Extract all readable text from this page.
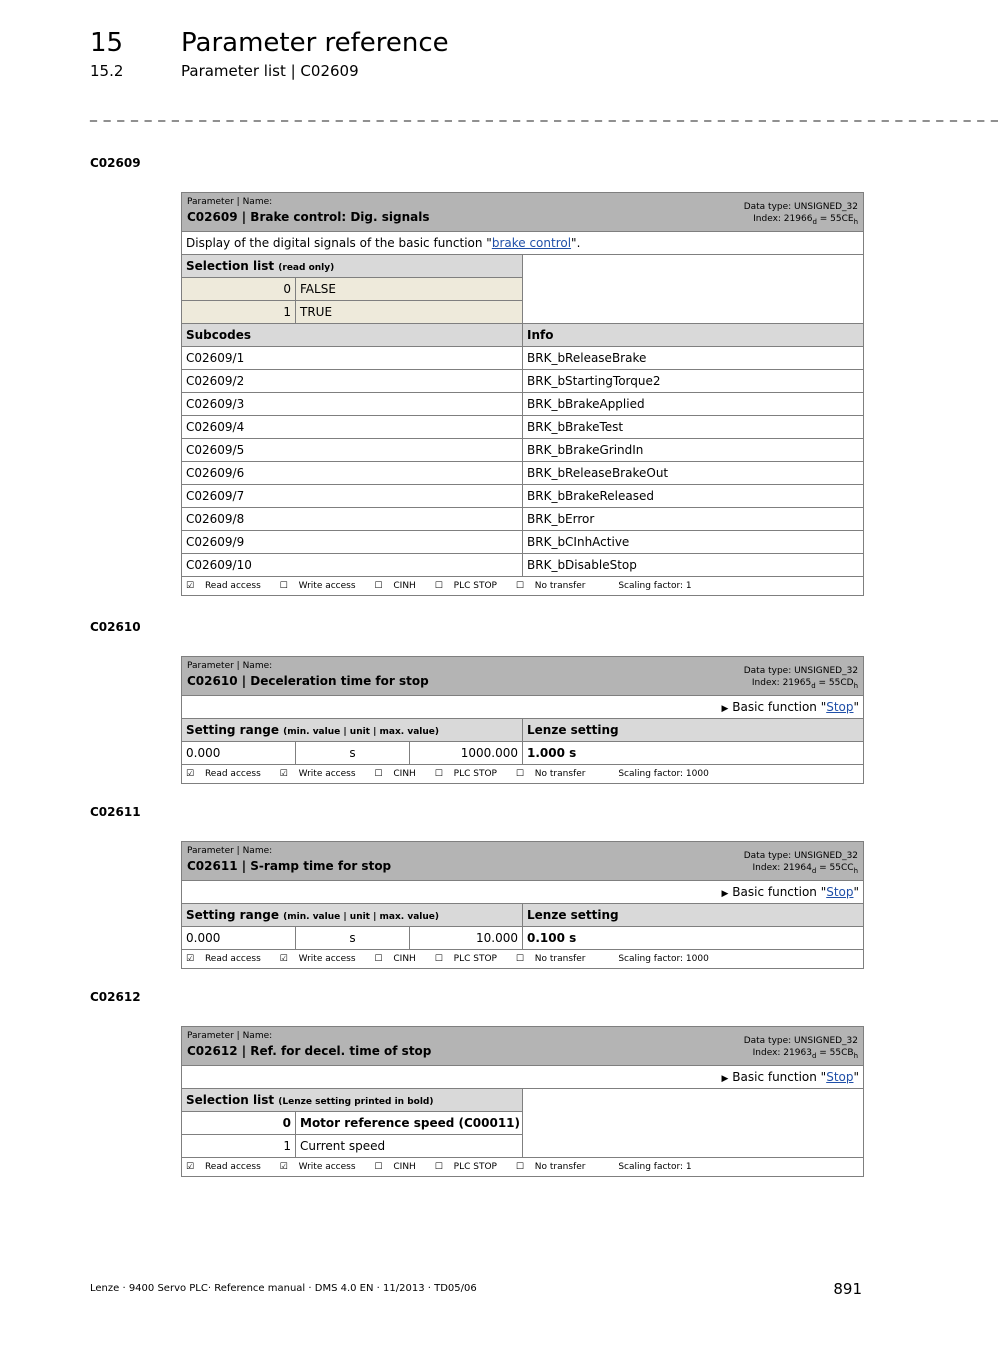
15 Parameter reference
15.2	Parameter list | C02609
_ _ _ _ _ _ _ _ _ _ _ _ _ _ _ _ _ _ _ _ _ _ _ _ _ _ _ _ _ _ _ _ _ _ _ _ _ _ _ _ _ _ _ _ _ _ _ _ _ _ _ _ _ _ _ _ _ _ _ _ _ _ _ _ _ _ _
C02609
Data type: UNSIGNED_32
Index: $21966_d = 55CE_h$
Parameter | Name:
C02609 | Brake control: Dig. signals		

Display of the digital signals of the basic function "brake control".		
Selection list (read only)		
0	FALSE	
1	TRUE	
Subcodes		Info
C02609/1		BRK_bReleaseBrake
C02609/2		BRK_bStartingTorque2
C02609/3		BRK_bBrakeApplied
C02609/4		BRK_bBrakeTest
C02609/5		BRK_bBrakeGrindIn
C02609/6		BRK_bReleaseBrakeOut
C02609/7		BRK_bBrakeReleased
C02609/8		BRK_bError
C02609/9		BRK_bCInhActive
C02609/10		BRK_bDisableStop
☑ Read access ☐ Write access ☐ CINH ☐ PLC STOP ☐ No transfer Scaling factor: 1		
C02610
Data type: UNSIGNED_32
Index: $21965_d = 55CD_h$
Parameter | Name:
C02610 | Deceleration time for stop			

▶ Basic function "Stop"			
Setting range (min. value | unit | max. value)			Lenze setting
0.000	s	1000.000	1.000 s
☑ Read access ☑ Write access ☐ CINH ☐ PLC STOP ☐ No transfer Scaling factor: 1000			
C02611
Data type: UNSIGNED_32
Index: $21964_d = 55CC_h$
Parameter | Name:
C02611 | S-ramp time for stop			

▶ Basic function "Stop"			
Setting range (min. value | unit | max. value)			Lenze setting
0.000	s	10.000	0.100 s
☑ Read access ☑ Write access ☐ CINH ☐ PLC STOP ☐ No transfer Scaling factor: 1000			
C02612
Data type: UNSIGNED_32
Index: $21963_d = 55CB_h$
Parameter | Name:
C02612 | Ref. for decel. time of stop		

▶ Basic function "Stop"		
Selection list (Lenze setting printed in bold)		
0	Motor reference speed (C00011)	
1	Current speed	
☑ Read access ☑ Write access ☐ CINH ☐ PLC STOP ☐ No transfer Scaling factor: 1		
Lenze · 9400 Servo PLC· Reference manual · DMS 4.0 EN · 11/2013 · TD05/06	891
